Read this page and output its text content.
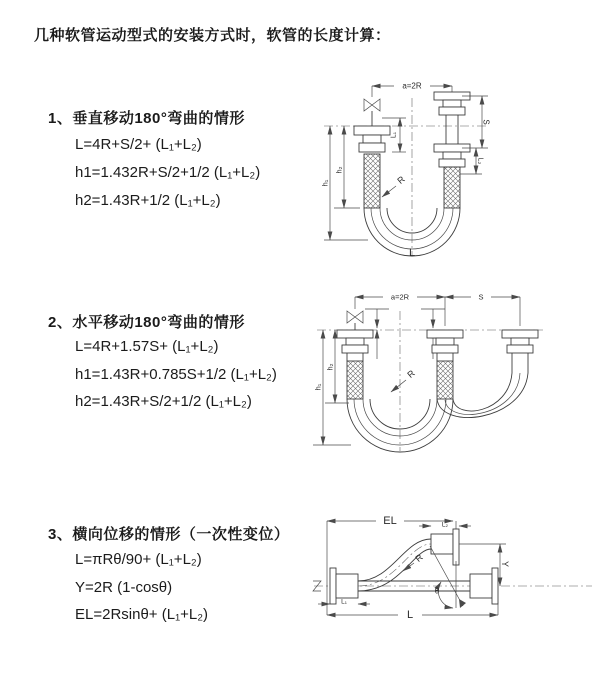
几种软管运动型式的安装方式时，软管的长度计算：
1、垂直移动180°弯曲的情形
L=4R+S/2+ (L₁+L₂)
h1=1.432R+S/2+1/2 (L₁+L₂)
h2=1.43R+1/2 (L₁+L₂)
a=2R
L₁
S
L₂
R
h₁
h₂
L
2、水平移动180°弯曲的情形
L=4R+1.57S+ (L₁+L₂)
h1=1.43R+0.785S+1/2 (L₁+L₂)
h2=1.43R+S/2+1/2 (L₁+L₂)
a=2R	S
R
h₁
h₂
3、横向位移的情形（一次性变位）
L=πRθ/90+ (L₁+L₂)
Y=2R (1-cosθ)
EL=2Rsinθ+ (L₁+L₂)
EL	L₂
Y
R
θ
L₁
L
